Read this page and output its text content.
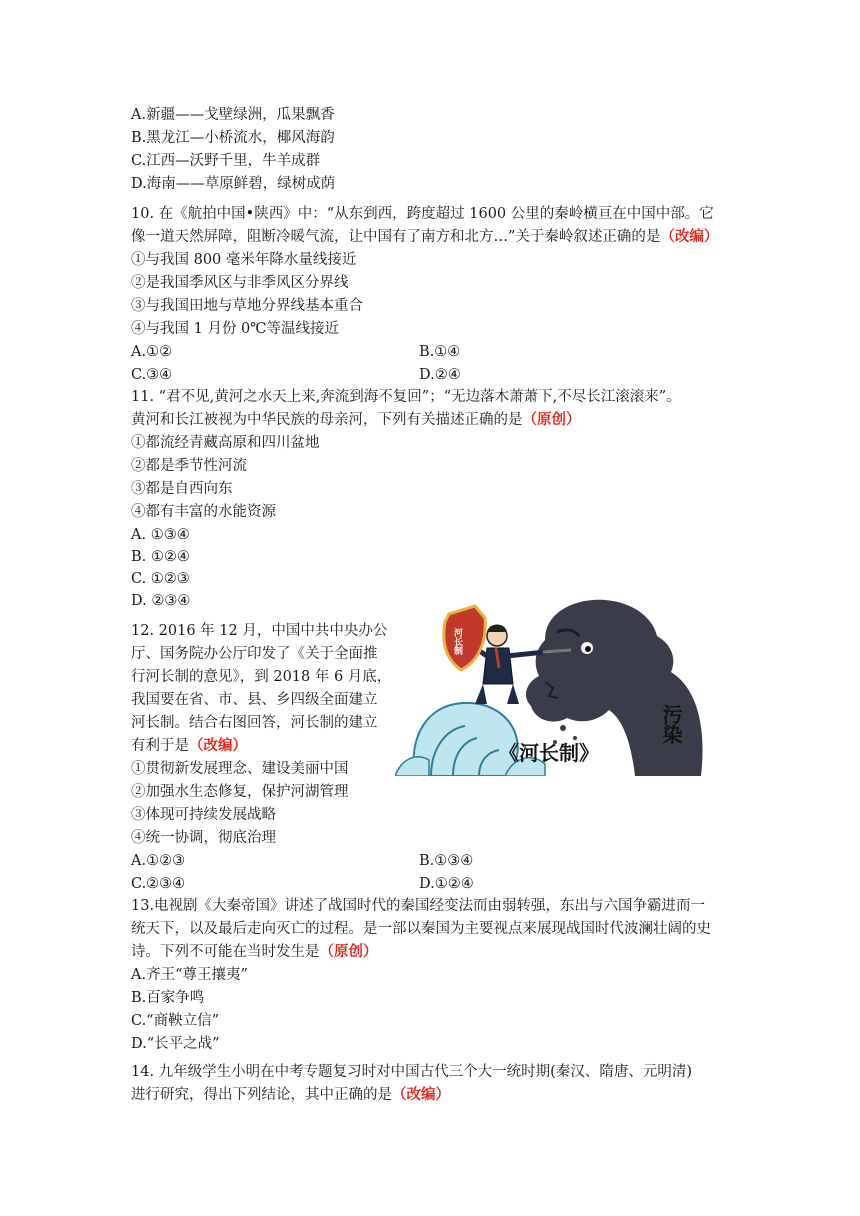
A.新疆——戈壁绿洲，瓜果飘香
B.黑龙江—小桥流水，椰风海韵
C.江西—沃野千里，牛羊成群
D.海南——草原鲜碧，绿树成荫
10. 在《航拍中国•陕西》中：“从东到西，跨度超过 1600 公里的秦岭横亘在中国中部。它
像一道天然屏障，阻断冷暖气流，让中国有了南方和北方…”关于秦岭叙述正确的是（改编）
①与我国 800 毫米年降水量线接近
②是我国季风区与非季风区分界线
③与我国田地与草地分界线基本重合
④与我国 1 月份 0℃等温线接近
A.①②	B.①④
C.③④	D.②④
11. “君不见,黄河之水天上来,奔流到海不复回”；“无边落木萧萧下,不尽长江滚滚来”。
黄河和长江被视为中华民族的母亲河，下列有关描述正确的是（原创）
①都流经青藏高原和四川盆地
②都是季节性河流
③都是自西向东
④都有丰富的水能资源
A. ①③④
B. ①②④
C. ①②③
D. ②③④
12. 2016 年 12 月，中国中共中央办公
厅、国务院办公厅印发了《关于全面推
行河长制的意见》，到 2018 年 6 月底，
我国要在省、市、县、乡四级全面建立
河长制。结合右图回答，河长制的建立
有利于是（改编）
①贯彻新发展理念、建设美丽中国
②加强水生态修复，保护河湖管理
③体现可持续发展战略
④统一协调，彻底治理
A.①②③	B.①③④
C.②③④	D.①②④
污染
河长制
《河长制》
13.电视剧《大秦帝国》讲述了战国时代的秦国经变法而由弱转强，东出与六国争霸进而一
统天下，以及最后走向灭亡的过程。是一部以秦国为主要视点来展现战国时代波澜壮阔的史
诗。下列不可能在当时发生是（原创）
A.齐王“尊王攘夷”
B.百家争鸣
C.“商鞅立信”
D.“长平之战”
14. 九年级学生小明在中考专题复习时对中国古代三个大一统时期(秦汉、隋唐、元明清)
进行研究，得出下列结论，其中正确的是（改编）
